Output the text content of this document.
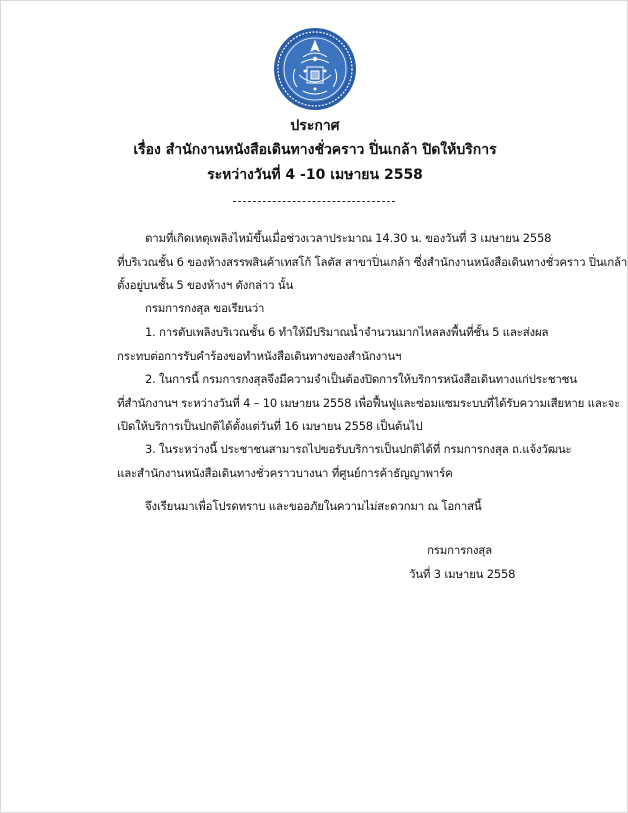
ประกาศ
เรื่อง สำนักงานหนังสือเดินทางชั่วคราว ปิ่นเกล้า ปิดให้บริการ
ระหว่างวันที่ 4 -10 เมษายน 2558
ตามที่เกิดเหตุเพลิงไหม้ขึ้นเมื่อช่วงเวลาประมาณ 14.30 น. ของวันที่ 3 เมษายน 2558
ที่บริเวณชั้น 6 ของห้างสรรพสินค้าเทสโก้ โลตัส สาขาปิ่นเกล้า ซึ่งสำนักงานหนังสือเดินทางชั่วคราว ปิ่นเกล้า
ตั้งอยู่บนชั้น 5 ของห้างฯ ดังกล่าว นั้น
กรมการกงสุล ขอเรียนว่า
1. การดับเพลิงบริเวณชั้น 6 ทำให้มีปริมาณน้ำจำนวนมากไหลลงพื้นที่ชั้น 5 และส่งผล
กระทบต่อการรับคำร้องขอทำหนังสือเดินทางของสำนักงานฯ
2. ในการนี้ กรมการกงสุลจึงมีความจำเป็นต้องปิดการให้บริการหนังสือเดินทางแก่ประชาชน
ที่สำนักงานฯ ระหว่างวันที่ 4 – 10 เมษายน 2558 เพื่อฟื้นฟูและซ่อมแซมระบบที่ได้รับความเสียหาย และจะ
เปิดให้บริการเป็นปกติได้ตั้งแต่วันที่ 16 เมษายน 2558 เป็นต้นไป
3. ในระหว่างนี้ ประชาชนสามารถไปขอรับบริการเป็นปกติได้ที่ กรมการกงสุล ถ.แจ้งวัฒนะ
และสำนักงานหนังสือเดินทางชั่วคราวบางนา ที่ศูนย์การค้าธัญญาพาร์ค
จึงเรียนมาเพื่อโปรดทราบ และขออภัยในความไม่สะดวกมา ณ โอกาสนี้
กรมการกงสุล
วันที่ 3 เมษายน 2558
